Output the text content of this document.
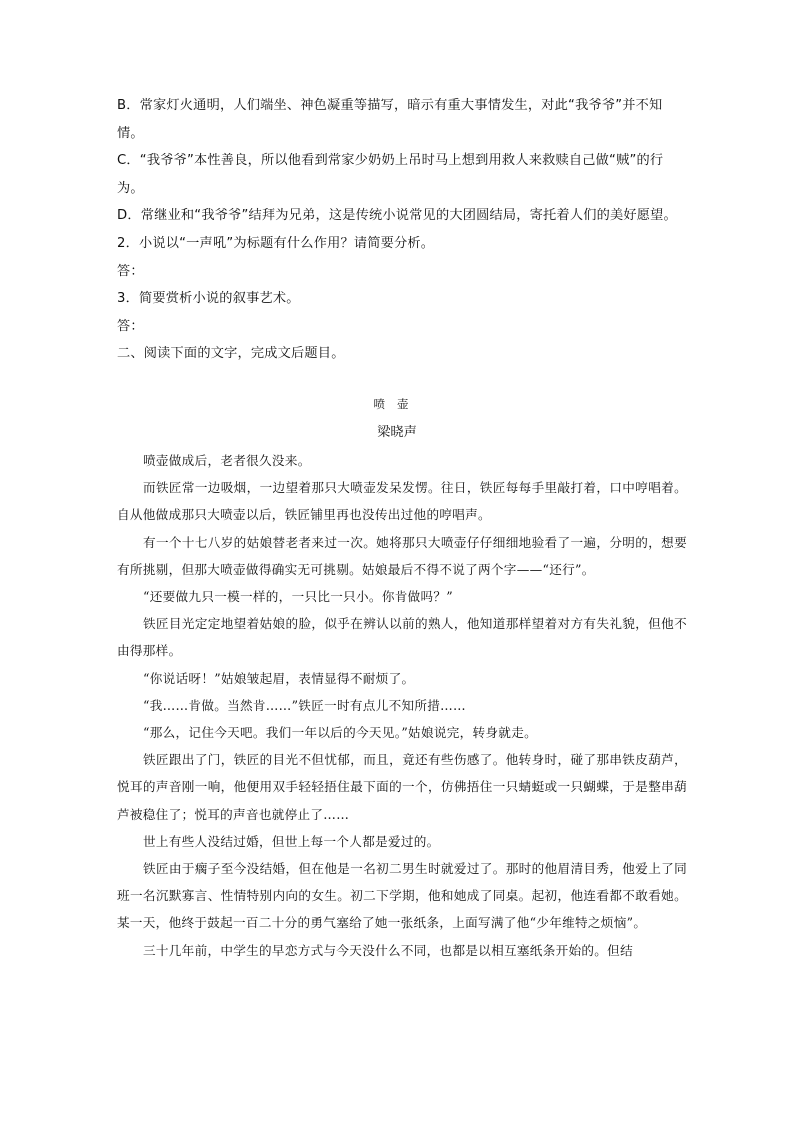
B．常家灯火通明，人们端坐、神色凝重等描写，暗示有重大事情发生，对此“我爷爷”并不知情。

C．“我爷爷”本性善良，所以他看到常家少奶奶上吊时马上想到用救人来救赎自己做“贼”的行为。

D．常继业和“我爷爷”结拜为兄弟，这是传统小说常见的大团圆结局，寄托着人们的美好愿望。

2．小说以“一声吼”为标题有什么作用？请简要分析。

答：

3．简要赏析小说的叙事艺术。

答：

二、阅读下面的文字，完成文后题目。

喷壶

梁晓声

喷壶做成后，老者很久没来。

而铁匠常一边吸烟，一边望着那只大喷壶发呆发愣。往日，铁匠每每手里敲打着，口中哼唱着。自从他做成那只大喷壶以后，铁匠铺里再也没传出过他的哼唱声。

有一个十七八岁的姑娘替老者来过一次。她将那只大喷壶仔仔细细地验看了一遍，分明的，想要有所挑剔，但那大喷壶做得确实无可挑剔。姑娘最后不得不说了两个字——“还行”。

“还要做九只一模一样的，一只比一只小。你肯做吗？”

铁匠目光定定地望着姑娘的脸，似乎在辨认以前的熟人，他知道那样望着对方有失礼貌，但他不由得那样。

“你说话呀！”姑娘皱起眉，表情显得不耐烦了。

“我……肯做。当然肯……”铁匠一时有点儿不知所措……

“那么，记住今天吧。我们一年以后的今天见。”姑娘说完，转身就走。

铁匠跟出了门，铁匠的目光不但忧郁，而且，竟还有些伤感了。他转身时，碰了那串铁皮葫芦，悦耳的声音刚一响，他便用双手轻轻捂住最下面的一个，仿佛捂住一只蜻蜓或一只蝴蝶，于是整串葫芦被稳住了；悦耳的声音也就停止了……

世上有些人没结过婚，但世上每一个人都是爱过的。

铁匠由于瘸子至今没结婚，但在他是一名初二男生时就爱过了。那时的他眉清目秀，他爱上了同班一名沉默寡言、性情特别内向的女生。初二下学期，他和她成了同桌。起初，他连看都不敢看她。某一天，他终于鼓起一百二十分的勇气塞给了她一张纸条，上面写满了他“少年维特之烦恼”。

三十几年前，中学生的早恋方式与今天没什么不同，也都是以相互塞纸条开始的。但结
